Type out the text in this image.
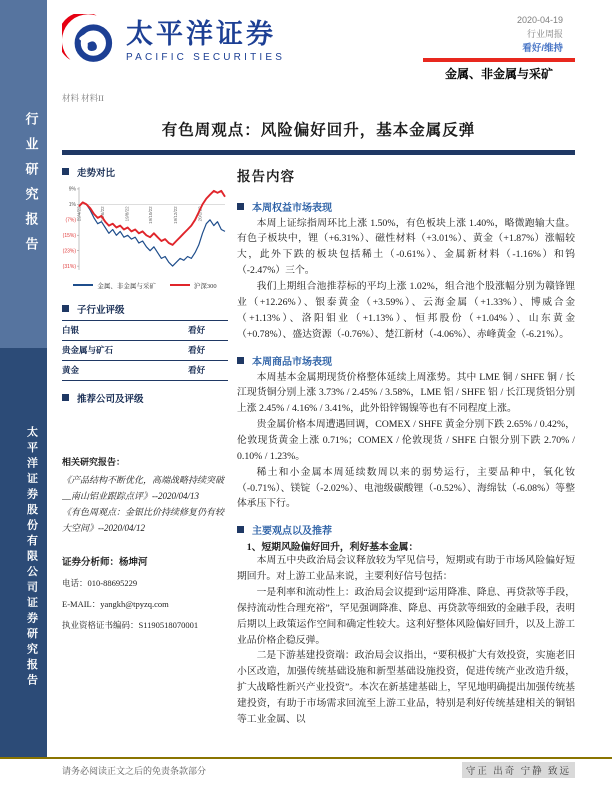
行业研究报告
太平洋证券股份有限公司证券研究报告
太平洋证券
PACIFIC SECURITIES
2020-04-19
行业周报
看好/维持
金属、非金属与采矿
材料 材料II
有色周观点：风险偏好回升，基本金属反弹
走势对比
9%
1%
(7%)
(15%)
(23%)
(31%)
19/4/22	19/6/22	19/8/22	19/10/22	19/12/22	20/2/22
金属、非金属与采矿	沪深300
子行业评级
白银	看好
贵金属与矿石	看好
黄金	看好
推荐公司及评级
相关研究报告：
《产品结构不断优化，高端战略持续突破__南山铝业跟踪点评》--2020/04/13
《有色周观点：金银比价持续修复仍有较大空间》--2020/04/12
证券分析师：杨坤河
电话：010-88695229
E-MAIL：yangkh@tpyzq.com
执业资格证书编码：S1190518070001
报告内容
本周权益市场表现

本周上证综指周环比上涨 1.50%，有色板块上涨 1.40%，略微跑输大盘。有色子板块中，锂（+6.31%）、磁性材料（+3.01%）、黄金（+1.87%）涨幅较大，此外下跌的板块包括稀土（-0.61%）、金属新材料（-1.16%）和钨（-2.47%）三个。

我们上期组合池推荐标的平均上涨 1.02%，组合池个股涨幅分别为赣锋锂业（+12.26%）、银泰黄金（+3.59%）、云海金属（+1.33%）、博威合金（+1.13%）、洛阳钼业（+1.13%）、恒邦股份（+1.04%）、山东黄金（+0.78%）、盛达资源（-0.76%）、楚江新材（-4.06%）、赤峰黄金（-6.21%）。

本周商品市场表现

本周基本金属期现货价格整体延续上周涨势。其中 LME 铜 / SHFE 铜 / 长江现货铜分别上涨 3.73% / 2.45% / 3.58%，LME 铝 / SHFE 铝 / 长江现货铝分别上涨 2.45% / 4.16% / 3.41%，此外铅锌锡镍等也有不同程度上涨。

贵金属价格本周遭遇回调，COMEX / SHFE 黄金分别下跌 2.65% / 0.42%，伦敦现货黄金上涨 0.71%；COMEX / 伦敦现货 / SHFE 白银分别下跌 2.70% / 0.10% / 1.23%。

稀土和小金属本周延续数周以来的弱势运行，主要品种中，氧化钕（-0.71%）、镁锭（-2.02%）、电池级碳酸锂（-0.52%）、海绵钛（-6.08%）等整体承压下行。

主要观点以及推荐

1、短期风险偏好回升，利好基本金属：

本周五中央政治局会议释放较为罕见信号，短期或有助于市场风险偏好短期回升。对上游工业品来说，主要利好信号包括：

一是利率和流动性上：政治局会议提到“运用降准、降息、再贷款等手段，保持流动性合理充裕”，罕见强调降准、降息、再贷款等细致的金融手段，表明后期以上政策运作空间和确定性较大。这利好整体风险偏好回升，以及上游工业品价格企稳反弹。

二是下游基建投资端：政治局会议指出，“要积极扩大有效投资，实施老旧小区改造，加强传统基础设施和新型基础设施投资，促进传统产业改造升级，扩大战略性新兴产业投资”。本次在新基建基础上，罕见地明确提出加强传统基建投资，有助于市场需求回流至上游工业品，特别是利好传统基建相关的铜铝等工业金属、以

请务必阅读正文之后的免责条款部分	守正 出奇 宁静 致远
